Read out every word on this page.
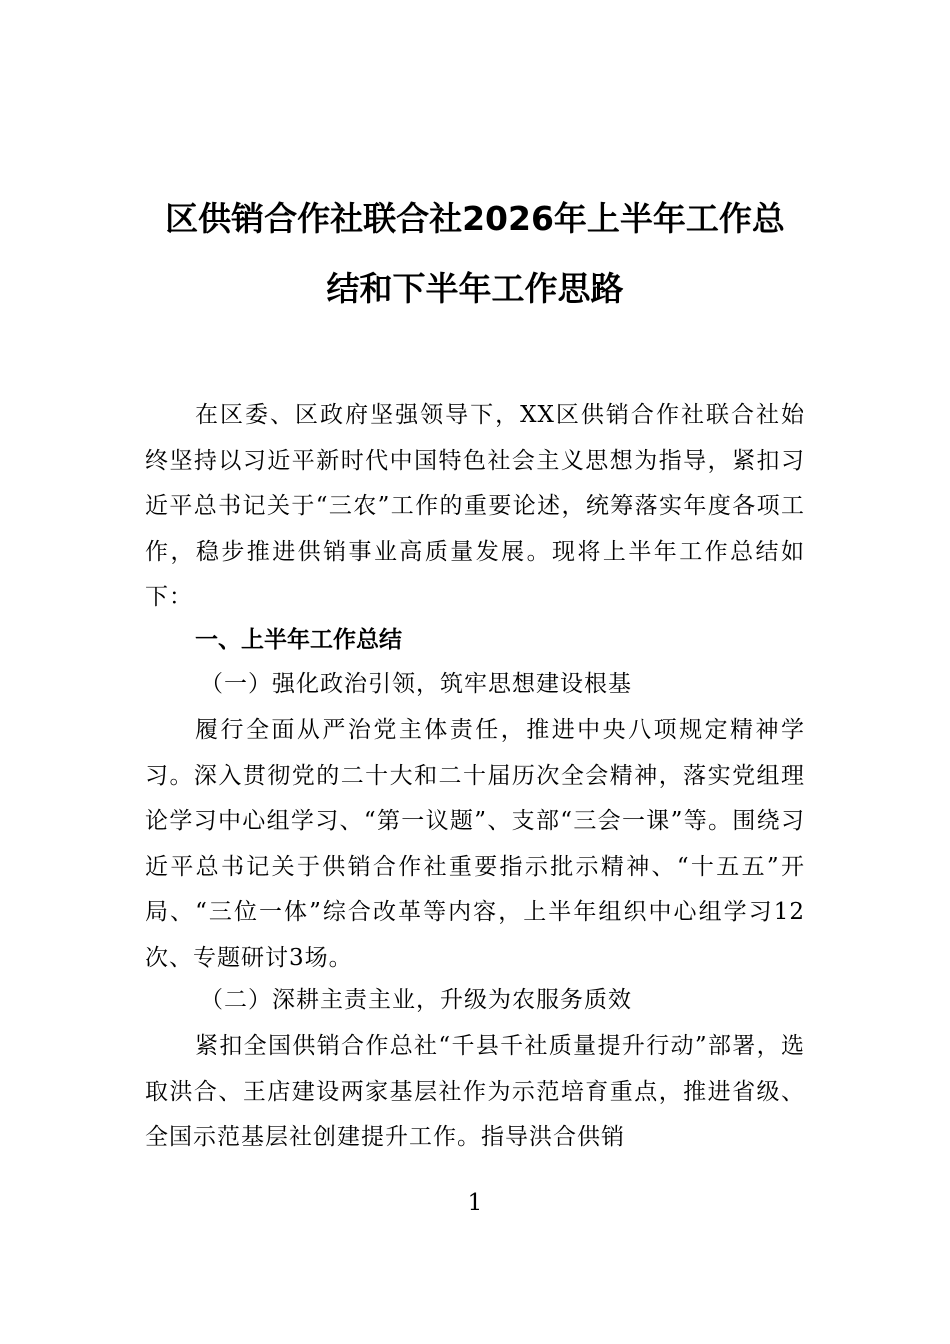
区供销合作社联合社2026年上半年工作总
结和下半年工作思路

在区委、区政府坚强领导下，XX区供销合作社联合社始终坚持以习近平新时代中国特色社会主义思想为指导，紧扣习近平总书记关于“三农”工作的重要论述，统筹落实年度各项工作，稳步推进供销事业高质量发展。现将上半年工作总结如下：

一、上半年工作总结
（一）强化政治引领，筑牢思想建设根基

履行全面从严治党主体责任，推进中央八项规定精神学习。深入贯彻党的二十大和二十届历次全会精神，落实党组理论学习中心组学习、“第一议题”、支部“三会一课”等。围绕习近平总书记关于供销合作社重要指示批示精神、“十五五”开局、“三位一体”综合改革等内容，上半年组织中心组学习12次、专题研讨3场。

（二）深耕主责主业，升级为农服务质效

紧扣全国供销合作总社“千县千社质量提升行动”部署，选取洪合、王店建设两家基层社作为示范培育重点，推进省级、全国示范基层社创建提升工作。指导洪合供销

1
